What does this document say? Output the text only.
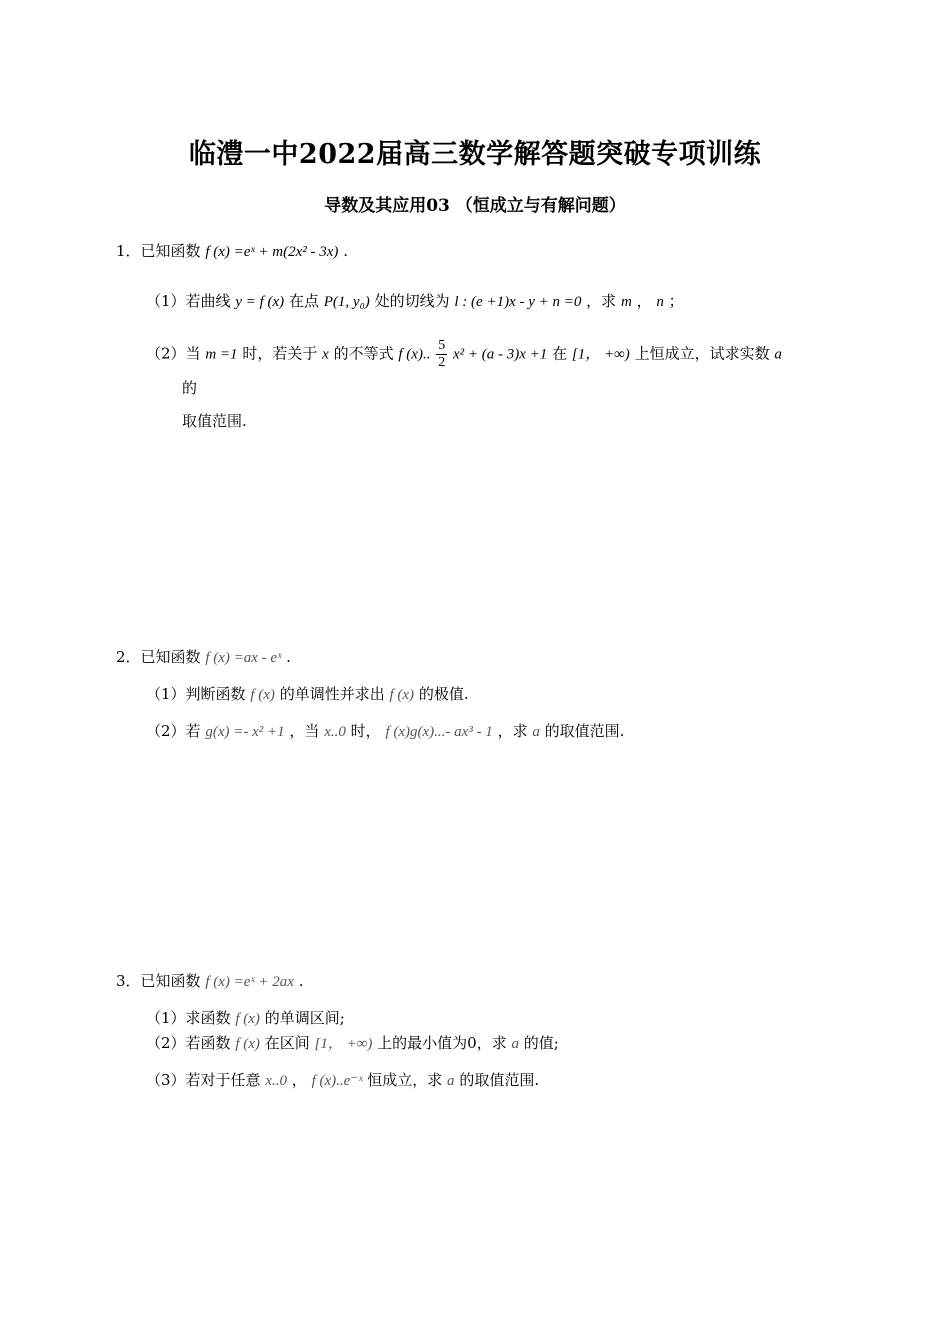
临澧一中2022届高三数学解答题突破专项训练
导数及其应用03 （恒成立与有解问题）
1．已知函数 f (x) =eˣ + m(2x² - 3x) .
（1）若曲线 y = f (x) 在点 P(1, y₀) 处的切线为 l : (e +1)x - y + n =0 ，求 m ， n ；
（2）当 m =1 时，若关于 x 的不等式 f (x).. $\frac{5}{2} x^2 + (a - 3)x +1$ 在 [1， +∞) 上恒成立，试求实数 a
的
取值范围.
2．已知函数 f (x) =ax - eˣ .
（1）判断函数 f (x) 的单调性并求出 f (x) 的极值.
（2）若 g(x) =- x² +1 ，当 x..0 时， f (x)g(x)...- ax³ - 1 ，求 a 的取值范围.
3．已知函数 f (x) =eˣ + 2ax .
（1）求函数 f (x) 的单调区间;
（2）若函数 f (x) 在区间 [1， +∞) 上的最小值为0，求 a 的值;
（3）若对于任意 x..0 ， f (x)..e⁻ˣ 恒成立，求 a 的取值范围.
